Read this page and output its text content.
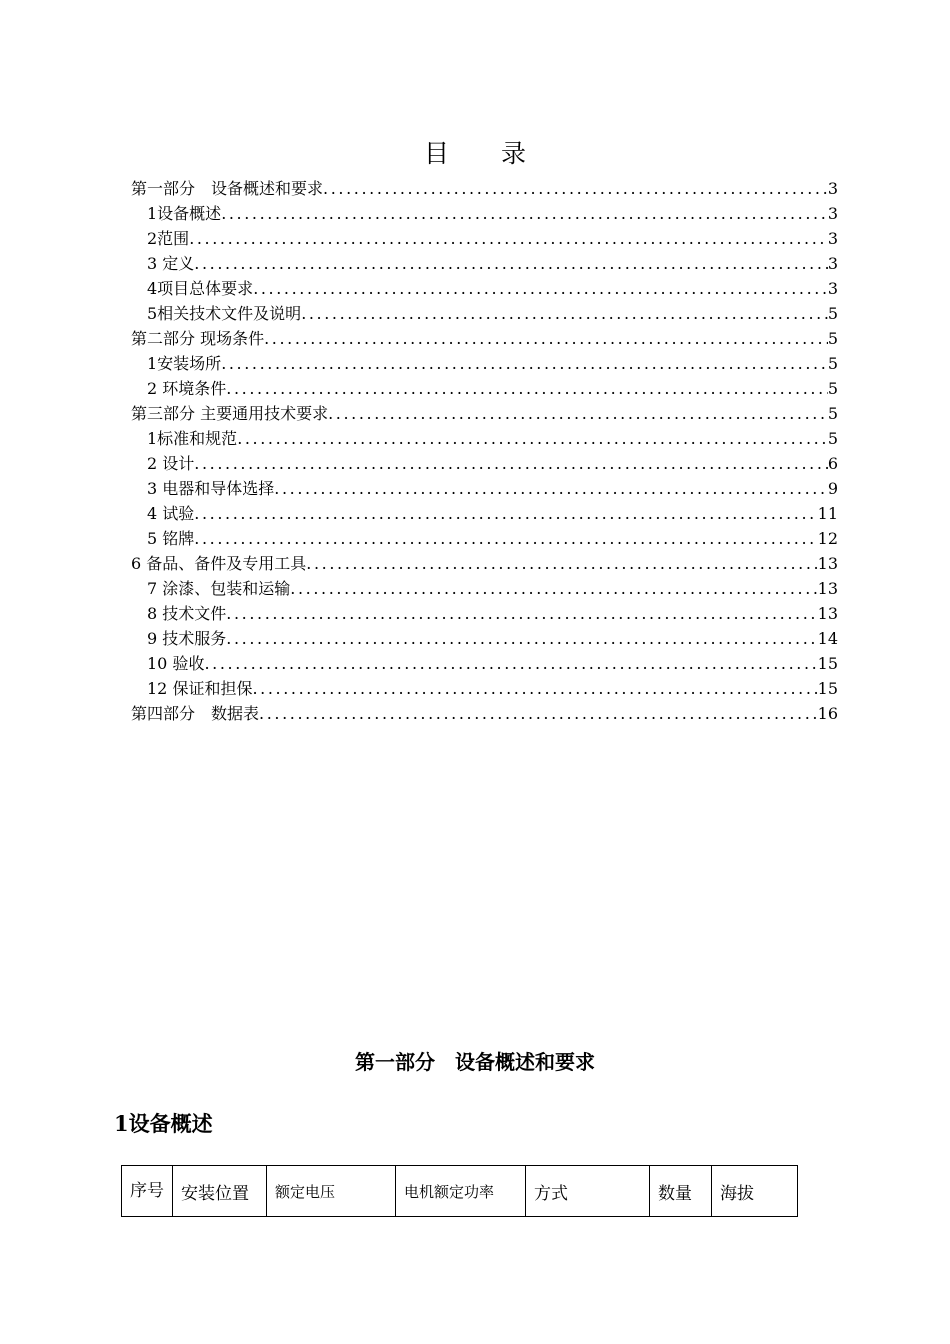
目 录
第一部分　设备概述和要求 .....	3
1设备概述 .....	3
2范围 .....	3
3 定义 .....	3
4项目总体要求 .....	3
5相关技术文件及说明 .....	5
第二部分 现场条件 .....	5
1安装场所 .....	5
2 环境条件 .....	5
第三部分 主要通用技术要求 .....	5
1标准和规范 .....	5
2 设计 .....	6
3 电器和导体选择 .....	9
4 试验 .....	11
5 铭牌 .....	12
6 备品、备件及专用工具 .....	13
7 涂漆、包装和运输 .....	13
8 技术文件 .....	13
9 技术服务 .....	14
10 验收 .....	15
12 保证和担保 .....	15
第四部分　数据表 .....	16
第一部分　设备概述和要求
1设备概述
序号	安装位置	额定电压	电机额定功率	方式	数量	海拔
